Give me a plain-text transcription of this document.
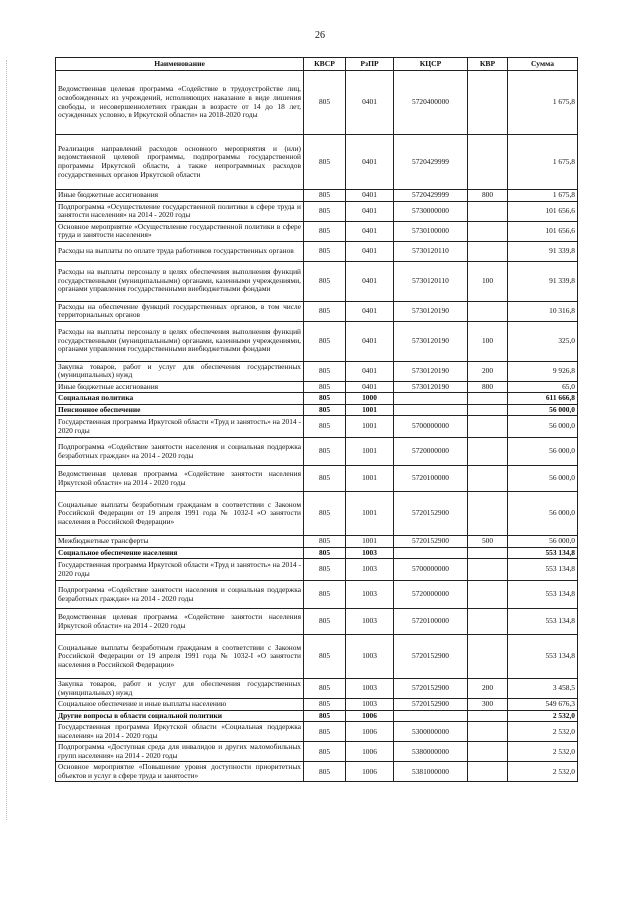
26
Наименование	КВСР	РзПР	КЦСР	КВР	Сумма
Ведомственная целевая программа «Содействие в трудоустройстве лиц, освобожденных из учреждений, исполняющих наказание в виде лишения свободы, и несовершеннолетних граждан в возрасте от 14 до 18 лет, осужденных условно, в Иркутской области» на 2018-2020 годы	805	0401	5720400000		1 675,8
Реализация направлений расходов основного мероприятия и (или) ведомственной целевой программы, подпрограммы государственной программы Иркутской области, а также непрограммных расходов государственных органов Иркутской области	805	0401	5720429999		1 675,8
Иные бюджетные ассигнования	805	0401	5720429999	800	1 675,8
Подпрограмма «Осуществление государственной политики в сфере труда и занятости населения» на 2014 - 2020 годы	805	0401	5730000000		101 656,6
Основное мероприятие «Осуществление государственной политики в сфере труда и занятости населения»	805	0401	5730100000		101 656,6
Расходы на выплаты по оплате труда работников государственных органов	805	0401	5730120110		91 339,8
Расходы на выплаты персоналу в целях обеспечения выполнения функций государственными (муниципальными) органами, казенными учреждениями, органами управления государственными внебюджетными фондами	805	0401	5730120110	100	91 339,8
Расходы на обеспечение функций государственных органов, в том числе территориальных органов	805	0401	5730120190		10 316,8
Расходы на выплаты персоналу в целях обеспечения выполнения функций государственными (муниципальными) органами, казенными учреждениями, органами управления государственными внебюджетными фондами	805	0401	5730120190	100	325,0
Закупка товаров, работ и услуг для обеспечения государственных (муниципальных) нужд	805	0401	5730120190	200	9 926,8
Иные бюджетные ассигнования	805	0401	5730120190	800	65,0
Социальная политика	805	1000			611 666,8
Пенсионное обеспечение	805	1001			56 000,0
Государственная программа Иркутской области «Труд и занятость» на 2014 - 2020 годы	805	1001	5700000000		56 000,0
Подпрограмма «Содействие занятости населения и социальная поддержка безработных граждан» на 2014 - 2020 годы	805	1001	5720000000		56 000,0
Ведомственная целевая программа «Содействие занятости населения Иркутской области» на 2014 - 2020 годы	805	1001	5720100000		56 000,0
Социальные выплаты безработным гражданам в соответствии с Законом Российской Федерации от 19 апреля 1991 года № 1032-I «О занятости населения в Российской Федерации»	805	1001	5720152900		56 000,0
Межбюджетные трансферты	805	1001	5720152900	500	56 000,0
Социальное обеспечение населения	805	1003			553 134,8
Государственная программа Иркутской области «Труд и занятость» на 2014 - 2020 годы	805	1003	5700000000		553 134,8
Подпрограмма «Содействие занятости населения и социальная поддержка безработных граждан» на 2014 - 2020 годы	805	1003	5720000000		553 134,8
Ведомственная целевая программа «Содействие занятости населения Иркутской области» на 2014 - 2020 годы	805	1003	5720100000		553 134,8
Социальные выплаты безработным гражданам в соответствии с Законом Российской Федерации от 19 апреля 1991 года № 1032-I «О занятости населения в Российской Федерации»	805	1003	5720152900		553 134,8
Закупка товаров, работ и услуг для обеспечения государственных (муниципальных) нужд	805	1003	5720152900	200	3 458,5
Социальное обеспечение и иные выплаты населению	805	1003	5720152900	300	549 676,3
Другие вопросы в области социальной политики	805	1006			2 532,0
Государственная программа Иркутской области «Социальная поддержка населения» на 2014 - 2020 годы	805	1006	5300000000		2 532,0
Подпрограмма «Доступная среда для инвалидов и других маломобильных групп населения» на 2014 - 2020 годы	805	1006	5380000000		2 532,0
Основное мероприятие «Повышение уровня доступности приоритетных объектов и услуг в сфере труда и занятости»	805	1006	5381000000		2 532,0
